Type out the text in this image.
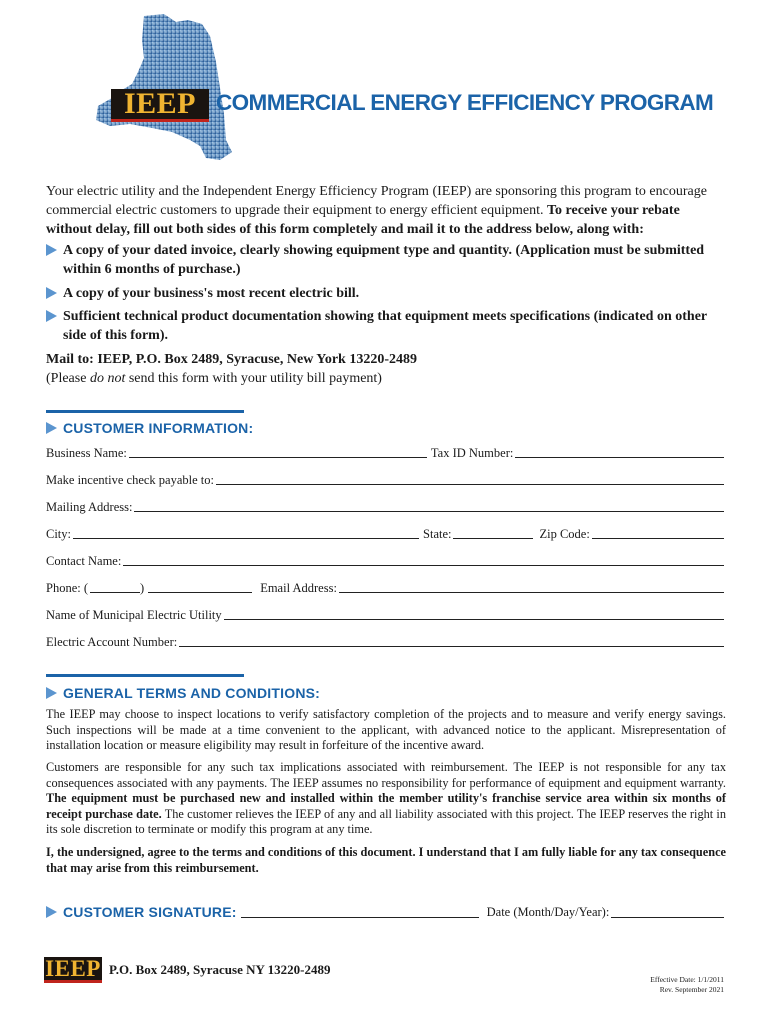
IEEP COMMERCIAL ENERGY EFFICIENCY PROGRAM
Your electric utility and the Independent Energy Efficiency Program (IEEP) are sponsoring this program to encourage commercial electric customers to upgrade their equipment to energy efficient equipment. To receive your rebate without delay, fill out both sides of this form completely and mail it to the address below, along with:
A copy of your dated invoice, clearly showing equipment type and quantity. (Application must be submitted within 6 months of purchase.)
A copy of your business's most recent electric bill.
Sufficient technical product documentation showing that equipment meets specifications (indicated on other side of this form).
Mail to: IEEP, P.O. Box 2489, Syracuse, New York 13220-2489
(Please do not send this form with your utility bill payment)
CUSTOMER INFORMATION:
Business Name:	Tax ID Number:
Make incentive check payable to:
Mailing Address:
City:	State:	Zip Code:
Contact Name:
Phone: (	)	Email Address:
Name of Municipal Electric Utility
Electric Account Number:
GENERAL TERMS AND CONDITIONS:
The IEEP may choose to inspect locations to verify satisfactory completion of the projects and to measure and verify energy savings. Such inspections will be made at a time convenient to the applicant, with advanced notice to the applicant. Misrepresentation of installation location or measure eligibility may result in forfeiture of the incentive award.
Customers are responsible for any such tax implications associated with reimbursement. The IEEP is not responsible for any tax consequences associated with any payments. The IEEP assumes no responsibility for performance of equipment and equipment warranty. The equipment must be purchased new and installed within the member utility's franchise service area within six months of receipt purchase date. The customer relieves the IEEP of any and all liability associated with this project. The IEEP reserves the right in its sole discretion to terminate or modify this program at any time.
I, the undersigned, agree to the terms and conditions of this document. I understand that I am fully liable for any tax consequence that may arise from this reimbursement.
CUSTOMER SIGNATURE:	Date (Month/Day/Year):
IEEP P.O. Box 2489, Syracuse NY 13220-2489
Effective Date: 1/1/2011
Rev. September 2021
